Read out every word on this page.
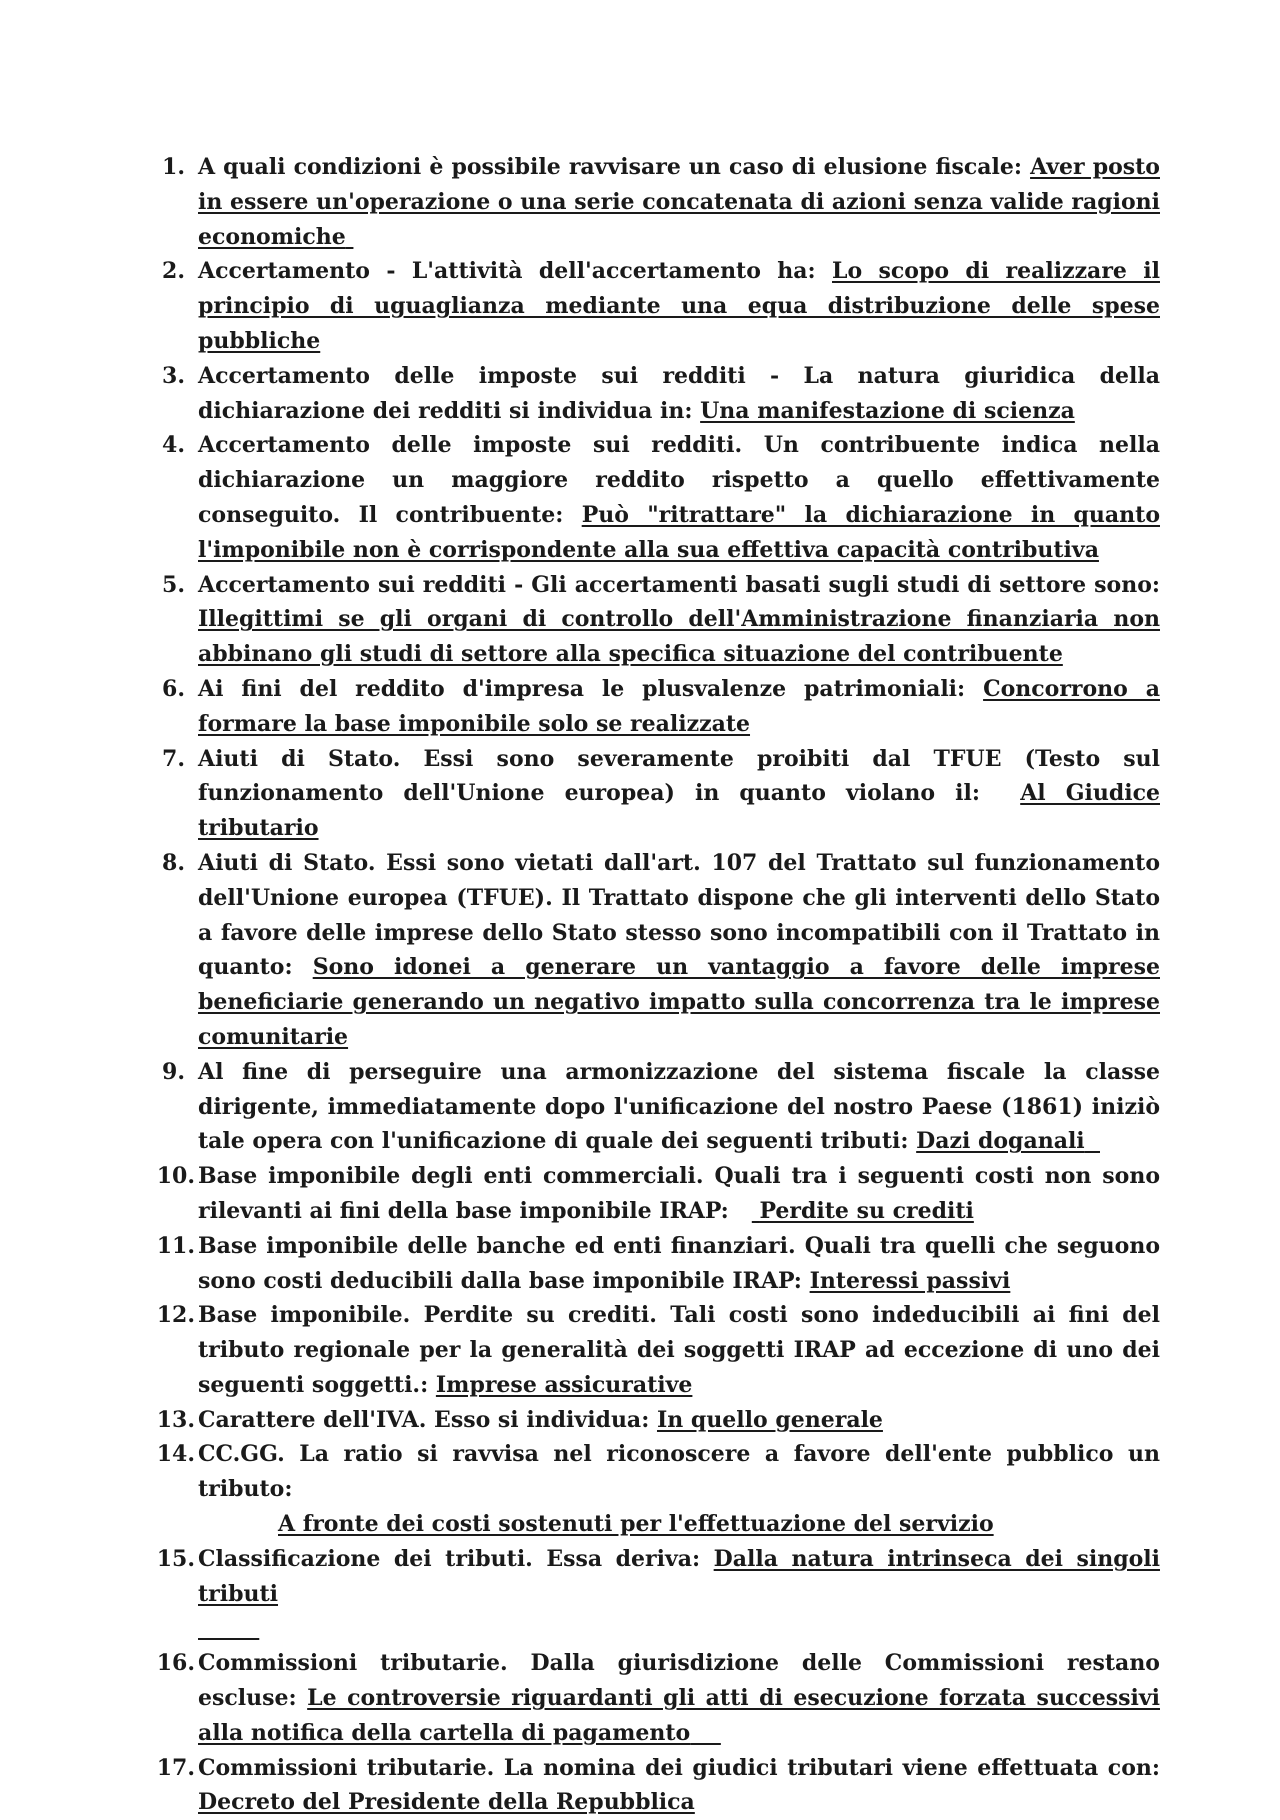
1. A quali condizioni è possibile ravvisare un caso di elusione fiscale: Aver posto in essere un'operazione o una serie concatenata di azioni senza valide ragioni economiche
2. Accertamento - L'attività dell'accertamento ha: Lo scopo di realizzare il principio di uguaglianza mediante una equa distribuzione delle spese pubbliche
3. Accertamento delle imposte sui redditi - La natura giuridica della dichiarazione dei redditi si individua in: Una manifestazione di scienza
4. Accertamento delle imposte sui redditi. Un contribuente indica nella dichiarazione un maggiore reddito rispetto a quello effettivamente conseguito. Il contribuente: Può "ritrattare" la dichiarazione in quanto l'imponibile non è corrispondente alla sua effettiva capacità contributiva
5. Accertamento sui redditi - Gli accertamenti basati sugli studi di settore sono: Illegittimi se gli organi di controllo dell'Amministrazione finanziaria non abbinano gli studi di settore alla specifica situazione del contribuente
6. Ai fini del reddito d'impresa le plusvalenze patrimoniali: Concorrono a formare la base imponibile solo se realizzate
7. Aiuti di Stato. Essi sono severamente proibiti dal TFUE (Testo sul funzionamento dell'Unione europea) in quanto violano il: Al Giudice tributario
8. Aiuti di Stato. Essi sono vietati dall'art. 107 del Trattato sul funzionamento dell'Unione europea (TFUE). Il Trattato dispone che gli interventi dello Stato a favore delle imprese dello Stato stesso sono incompatibili con il Trattato in quanto: Sono idonei a generare un vantaggio a favore delle imprese beneficiarie generando un negativo impatto sulla concorrenza tra le imprese comunitarie
9. Al fine di perseguire una armonizzazione del sistema fiscale la classe dirigente, immediatamente dopo l'unificazione del nostro Paese (1861) iniziò tale opera con l'unificazione di quale dei seguenti tributi: Dazi doganali
10. Base imponibile degli enti commerciali. Quali tra i seguenti costi non sono rilevanti ai fini della base imponibile IRAP: Perdite su crediti
11. Base imponibile delle banche ed enti finanziari. Quali tra quelli che seguono sono costi deducibili dalla base imponibile IRAP: Interessi passivi
12. Base imponibile. Perdite su crediti. Tali costi sono indeducibili ai fini del tributo regionale per la generalità dei soggetti IRAP ad eccezione di uno dei seguenti soggetti.: Imprese assicurative
13. Carattere dell'IVA. Esso si individua: In quello generale
14. CC.GG. La ratio si ravvisa nel riconoscere a favore dell'ente pubblico un tributo:
A fronte dei costi sostenuti per l'effettuazione del servizio
15. Classificazione dei tributi. Essa deriva: Dalla natura intrinseca dei singoli tributi

16. Commissioni tributarie. Dalla giurisdizione delle Commissioni restano escluse: Le controversie riguardanti gli atti di esecuzione forzata successivi alla notifica della cartella di pagamento
17. Commissioni tributarie. La nomina dei giudici tributari viene effettuata con: Decreto del Presidente della Repubblica
